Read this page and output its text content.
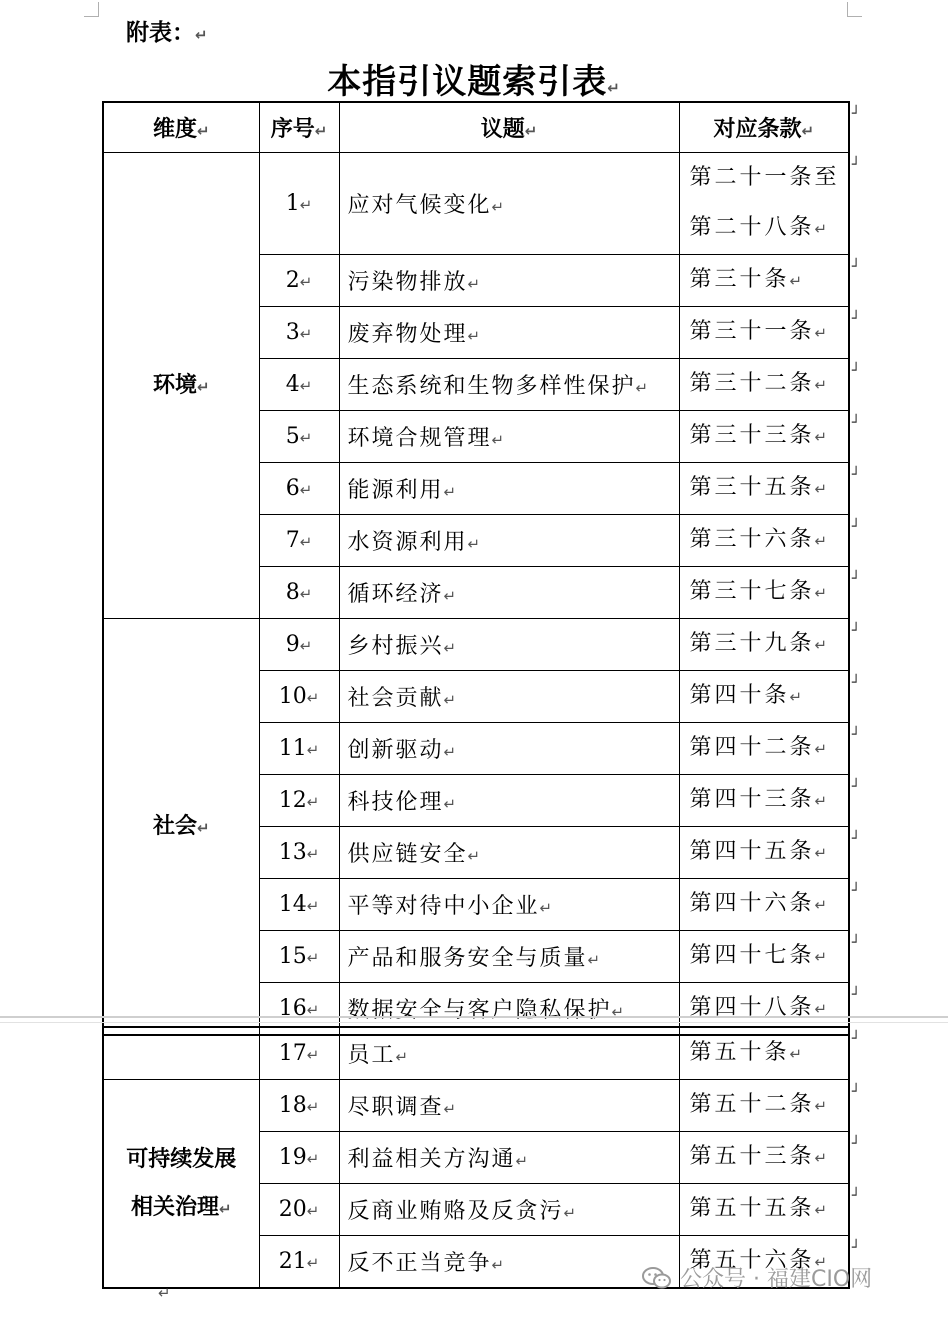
附表：↵
本指引议题索引表↵
维度↵	序号↵	议题↵	对应条款↵
环境↵	1↵	应对气候变化↵	第二十一条至
第二十八条↵

	2↵	污染物排放↵	第三十条↵
	3↵	废弃物处理↵	第三十一条↵
	4↵	生态系统和生物多样性保护↵	第三十二条↵
	5↵	环境合规管理↵	第三十三条↵
	6↵	能源利用↵	第三十五条↵
	7↵	水资源利用↵	第三十六条↵
	8↵	循环经济↵	第三十七条↵
社会↵	9↵	乡村振兴↵	第三十九条↵
	10↵	社会贡献↵	第四十条↵
	11↵	创新驱动↵	第四十二条↵
	12↵	科技伦理↵	第四十三条↵
	13↵	供应链安全↵	第四十五条↵
	14↵	平等对待中小企业↵	第四十六条↵
	15↵	产品和服务安全与质量↵	第四十七条↵
	16↵	数据安全与客户隐私保护↵	第四十八条↵
	17↵	员工↵	第五十条↵

可持续发展
相关治理↵	18↵	尽职调查↵	第五十二条↵
	19↵	利益相关方沟通↵	第五十三条↵
	20↵	反商业贿赂及反贪污↵	第五十五条↵
	21↵	反不正当竞争↵	第五十六条↵
↵
公众号 · 福建CIO网
┘
┘
┘
┘
┘
┘
┘
┘
┘
┘
┘
┘
┘
┘
┘
┘
┘
┘
┘
┘
┘
┘
